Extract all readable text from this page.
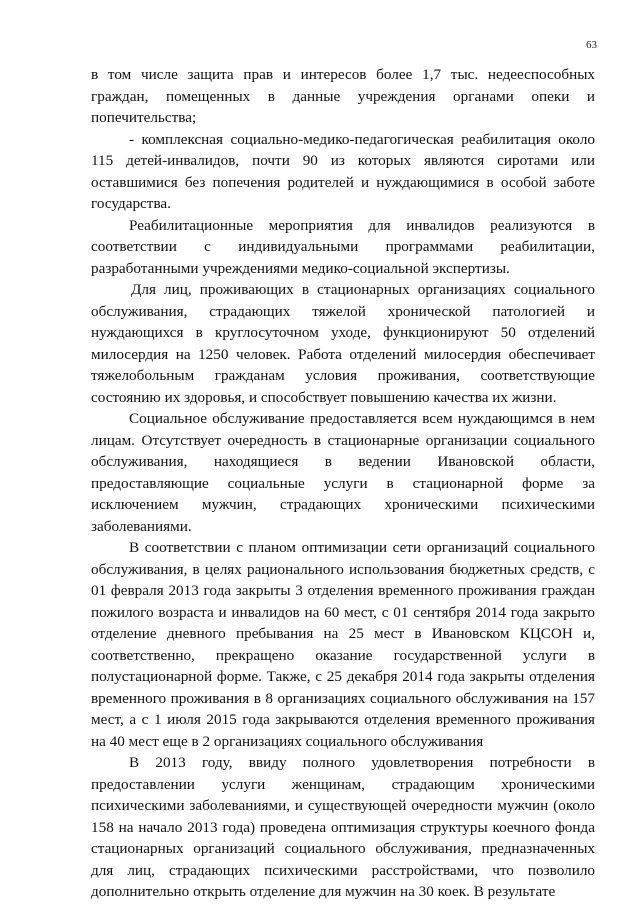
63

в том числе защита прав и интересов более 1,7 тыс. недееспособных граждан, помещенных в данные учреждения органами опеки и попечительства;

- комплексная социально-медико-педагогическая реабилитация около 115 детей-инвалидов, почти 90 из которых являются сиротами или оставшимися без попечения родителей и нуждающимися в особой заботе государства.

Реабилитационные мероприятия для инвалидов реализуются в соответствии с индивидуальными программами реабилитации, разработанными учреждениями медико-социальной экспертизы.

Для лиц, проживающих в стационарных организациях социального обслуживания, страдающих тяжелой хронической патологией и нуждающихся в круглосуточном уходе, функционируют 50 отделений милосердия на 1250 человек. Работа отделений милосердия обеспечивает тяжелобольным гражданам условия проживания, соответствующие состоянию их здоровья, и способствует повышению качества их жизни.

Социальное обслуживание предоставляется всем нуждающимся в нем лицам. Отсутствует очередность в стационарные организации социального обслуживания, находящиеся в ведении Ивановской области, предоставляющие социальные услуги в стационарной форме за исключением мужчин, страдающих хроническими психическими заболеваниями.

В соответствии с планом оптимизации сети организаций социального обслуживания, в целях рационального использования бюджетных средств, с 01 февраля 2013 года закрыты 3 отделения временного проживания граждан пожилого возраста и инвалидов на 60 мест, с 01 сентября 2014 года закрыто отделение дневного пребывания на 25 мест в Ивановском КЦСОН и, соответственно, прекращено оказание государственной услуги в полустационарной форме. Также, с 25 декабря 2014 года закрыты отделения временного проживания в 8 организациях социального обслуживания на 157 мест, а с 1 июля 2015 года закрываются отделения временного проживания на 40 мест еще в 2 организациях социального обслуживания

В 2013 году, ввиду полного удовлетворения потребности в предоставлении услуги женщинам, страдающим хроническими психическими заболеваниями, и существующей очередности мужчин (около 158 на начало 2013 года) проведена оптимизация структуры коечного фонда стационарных организаций социального обслуживания, предназначенных для лиц, страдающих психическими расстройствами, что позволило дополнительно открыть отделение для мужчин на 30 коек. В результате
